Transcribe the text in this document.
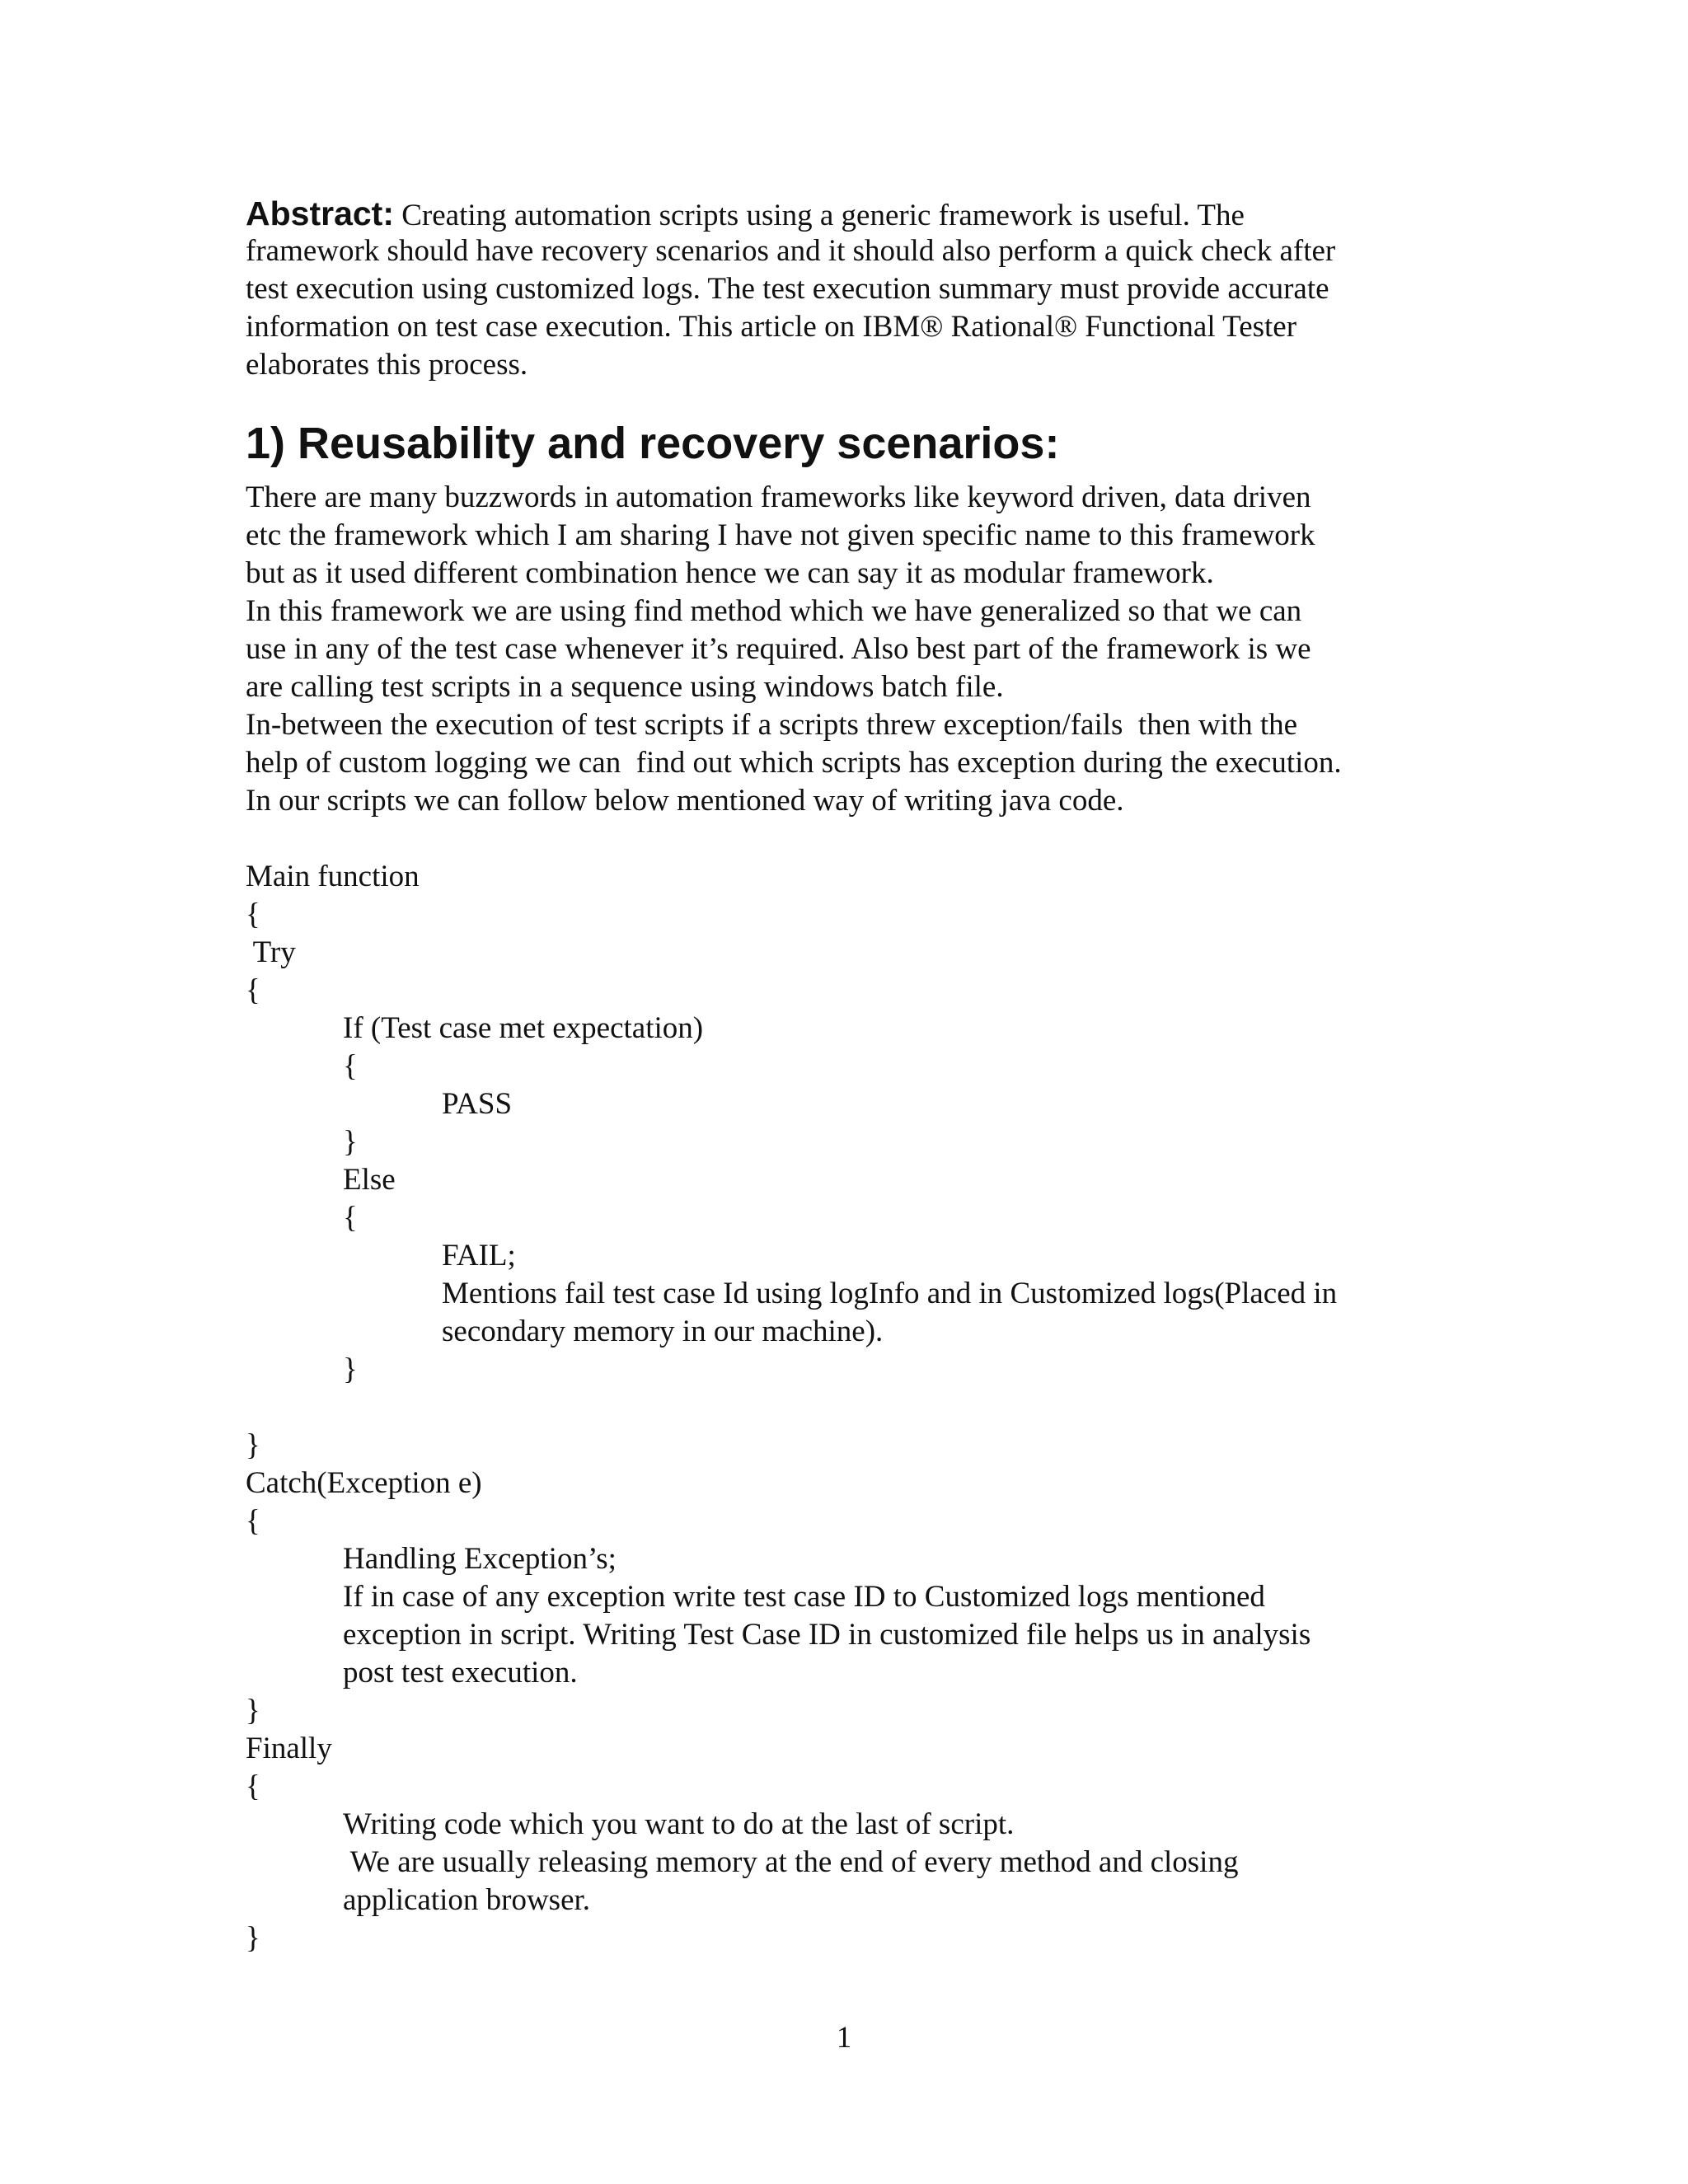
Abstract: Creating automation scripts using a generic framework is useful. The
framework should have recovery scenarios and it should also perform a quick check after
test execution using customized logs. The test execution summary must provide accurate
information on test case execution. This article on IBM® Rational® Functional Tester
elaborates this process.
1) Reusability and recovery scenarios:
There are many buzzwords in automation frameworks like keyword driven, data driven
etc the framework which I am sharing I have not given specific name to this framework
but as it used different combination hence we can say it as modular framework.
In this framework we are using find method which we have generalized so that we can
use in any of the test case whenever it’s required. Also best part of the framework is we
are calling test scripts in a sequence using windows batch file.
In-between the execution of test scripts if a scripts threw exception/fails  then with the
help of custom logging we can  find out which scripts has exception during the execution.
In our scripts we can follow below mentioned way of writing java code.
Main function
{
Try
{
If (Test case met expectation)
{
PASS
}
Else
{
FAIL;
Mentions fail test case Id using logInfo and in Customized logs(Placed in
secondary memory in our machine).
}
}
Catch(Exception e)
{
Handling Exception’s;
If in case of any exception write test case ID to Customized logs mentioned
exception in script. Writing Test Case ID in customized file helps us in analysis
post test execution.
}
Finally
{
Writing code which you want to do at the last of script.
We are usually releasing memory at the end of every method and closing
application browser.
}
1
